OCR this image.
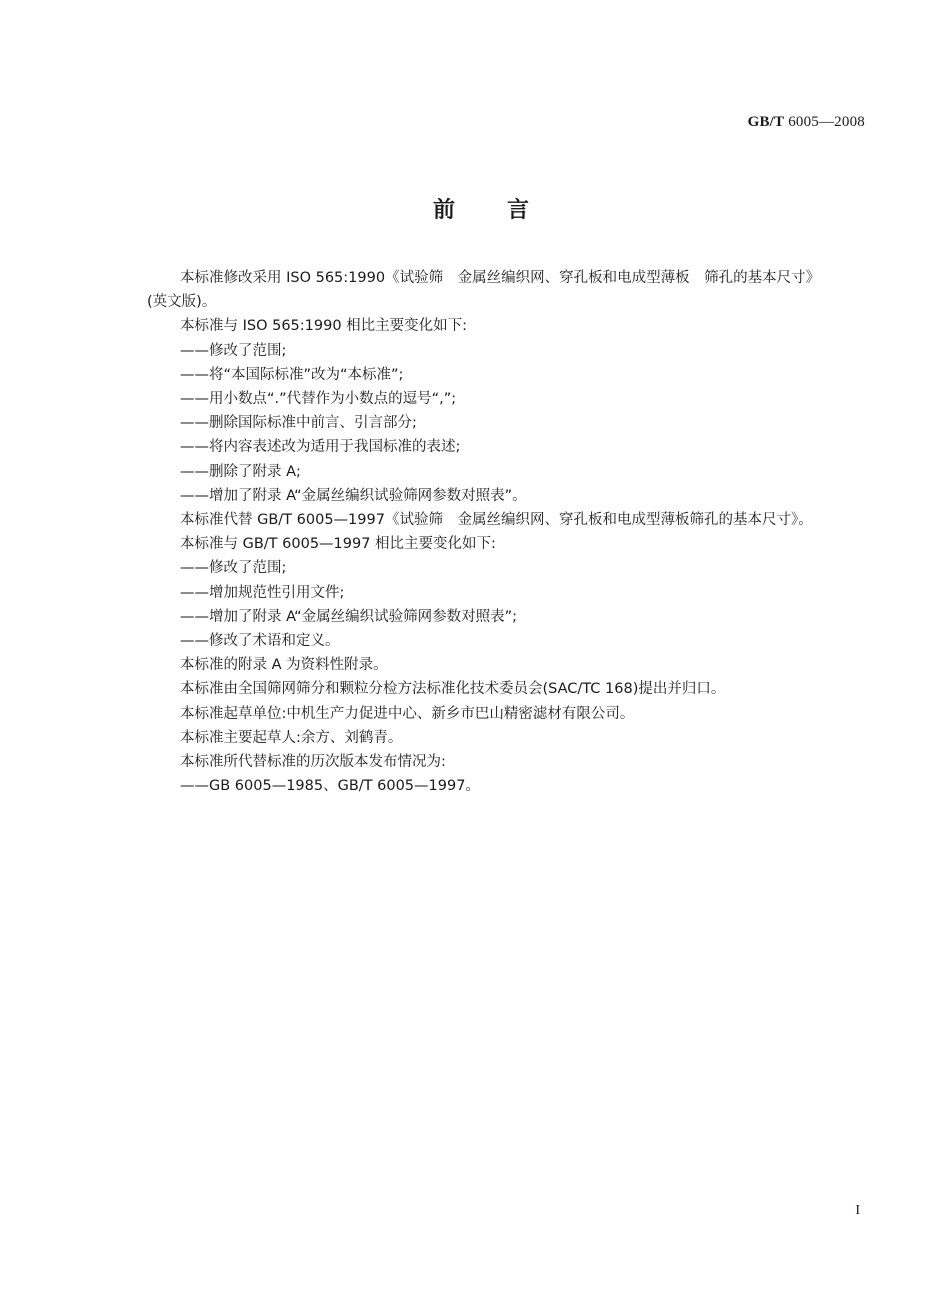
GB/T 6005—2008
前言

本标准修改采用 ISO 565:1990《试验筛　金属丝编织网、穿孔板和电成型薄板　筛孔的基本尺寸》

(英文版)。

本标准与 ISO 565:1990 相比主要变化如下:

——修改了范围;

——将“本国际标准”改为“本标准”;

——用小数点“.”代替作为小数点的逗号“,”;

——删除国际标准中前言、引言部分;

——将内容表述改为适用于我国标准的表述;

——删除了附录 A;

——增加了附录 A“金属丝编织试验筛网参数对照表”。

本标准代替 GB/T 6005—1997《试验筛　金属丝编织网、穿孔板和电成型薄板筛孔的基本尺寸》。

本标准与 GB/T 6005—1997 相比主要变化如下:

——修改了范围;

——增加规范性引用文件;

——增加了附录 A“金属丝编织试验筛网参数对照表”;

——修改了术语和定义。

本标准的附录 A 为资料性附录。

本标准由全国筛网筛分和颗粒分检方法标准化技术委员会(SAC/TC 168)提出并归口。

本标准起草单位:中机生产力促进中心、新乡市巴山精密滤材有限公司。

本标准主要起草人:余方、刘鹤青。

本标准所代替标准的历次版本发布情况为:

——GB 6005—1985、GB/T 6005—1997。

I
